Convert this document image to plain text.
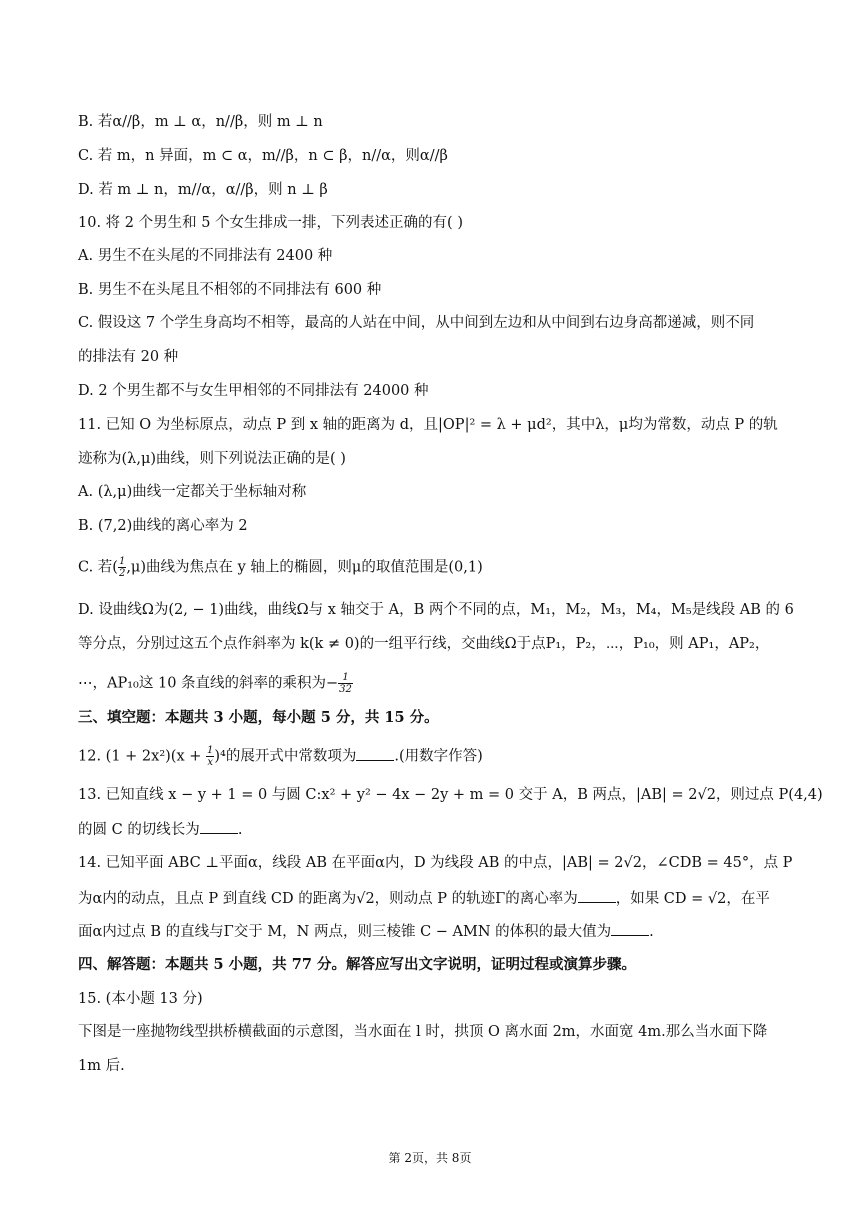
B. 若α//β，m ⊥ α，n//β，则 m ⊥ n
C. 若 m，n 异面，m ⊂ α，m//β，n ⊂ β，n//α，则α//β
D. 若 m ⊥ n，m//α，α//β，则 n ⊥ β
10. 将 2 个男生和 5 个女生排成一排，下列表述正确的有( )
A. 男生不在头尾的不同排法有 2400 种
B. 男生不在头尾且不相邻的不同排法有 600 种
C. 假设这 7 个学生身高均不相等，最高的人站在中间，从中间到左边和从中间到右边身高都递减，则不同
的排法有 20 种
D. 2 个男生都不与女生甲相邻的不同排法有 24000 种
11. 已知 O 为坐标原点，动点 P 到 x 轴的距离为 d，且|OP|² = λ + μd²，其中λ，μ均为常数，动点 P 的轨
迹称为(λ,μ)曲线，则下列说法正确的是( )
A. (λ,μ)曲线一定都关于坐标轴对称
B. (7,2)曲线的离心率为 2
C. 若( $\frac{1}{2} ,\mu$)曲线为焦点在 y 轴上的椭圆，则μ的取值范围是(0,1)
D. 设曲线Ω为(2, − 1)曲线，曲线Ω与 x 轴交于 A，B 两个不同的点，M₁，M₂，M₃，M₄，M₅是线段 AB 的 6
等分点，分别过这五个点作斜率为 k(k ≠ 0)的一组平行线，交曲线Ω于点P₁，P₂，⋯，P₁₀，则 AP₁，AP₂，
⋯，AP₁₀这 10 条直线的斜率的乘积为− $\frac{1}{32}$
三、填空题：本题共 3 小题，每小题 5 分，共 15 分。
12. $(1 + 2x^2)(x + \frac{1}{x} )^4$的展开式中常数项为	.(用数字作答)
13. 已知直线 x − y + 1 = 0 与圆 C:x² + y² − 4x − 2y + m = 0 交于 A，B 两点，|AB| = 2√2，则过点 P(4,4)
的圆 C 的切线长为	.
14. 已知平面 ABC ⊥平面α，线段 AB 在平面α内，D 为线段 AB 的中点，|AB| = 2√2，∠CDB = 45°，点 P
为α内的动点，且点 P 到直线 CD 的距离为√2，则动点 P 的轨迹Γ的离心率为	，如果 CD = √2，在平
面α内过点 B 的直线与Γ交于 M，N 两点，则三棱锥 C − AMN 的体积的最大值为	.
四、解答题：本题共 5 小题，共 77 分。解答应写出文字说明，证明过程或演算步骤。
15. (本小题 13 分)
下图是一座抛物线型拱桥横截面的示意图，当水面在 l 时，拱顶 O 离水面 2m，水面宽 4m.那么当水面下降
1m 后.
第 2页，共 8页
